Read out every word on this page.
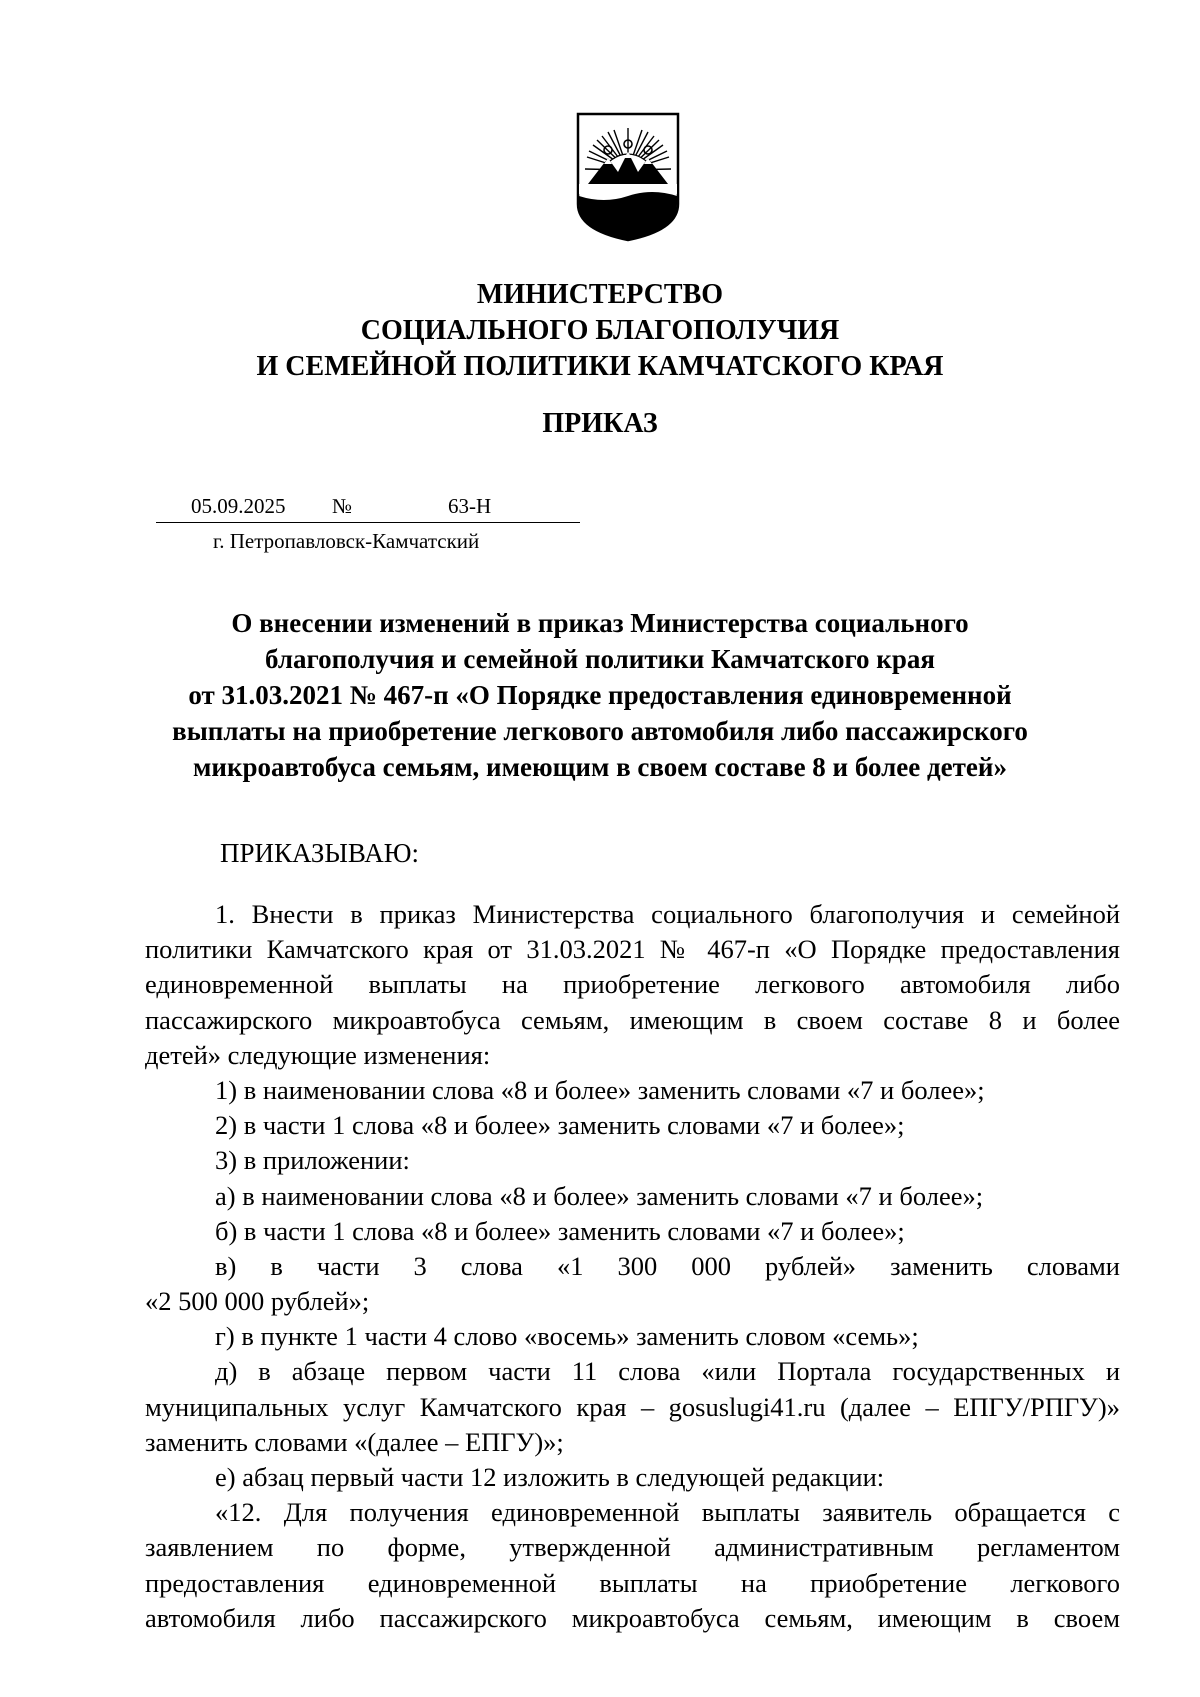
МИНИСТЕРСТВО
СОЦИАЛЬНОГО БЛАГОПОЛУЧИЯ
И СЕМЕЙНОЙ ПОЛИТИКИ КАМЧАТСКОГО КРАЯ
ПРИКАЗ
05.09.2025 №	63-Н
г. Петропавловск-Камчатский
О внесении изменений в приказ Министерства социального
благополучия и семейной политики Камчатского края
от 31.03.2021 № 467-п «О Порядке предоставления единовременной
выплаты на приобретение легкового автомобиля либо пассажирского
микроавтобуса семьям, имеющим в своем составе 8 и более детей»
ПРИКАЗЫВАЮ:
1. Внести в приказ Министерства социального благополучия и семейной
политики Камчатского края от 31.03.2021 № 467-п «О Порядке предоставления
единовременной выплаты на приобретение легкового автомобиля либо
пассажирского микроавтобуса семьям, имеющим в своем составе 8 и более
детей» следующие изменения:
1) в наименовании слова «8 и более» заменить словами «7 и более»;
2) в части 1 слова «8 и более» заменить словами «7 и более»;
3) в приложении:
а) в наименовании слова «8 и более» заменить словами «7 и более»;
б) в части 1 слова «8 и более» заменить словами «7 и более»;
в) в части 3 слова «1 300 000 рублей» заменить словами
«2 500 000 рублей»;
г) в пункте 1 части 4 слово «восемь» заменить словом «семь»;
д) в абзаце первом части 11 слова «или Портала государственных и
муниципальных услуг Камчатского края – gosuslugi41.ru (далее – ЕПГУ/РПГУ)»
заменить словами «(далее – ЕПГУ)»;
е) абзац первый части 12 изложить в следующей редакции:
«12. Для получения единовременной выплаты заявитель обращается с
заявлением по форме, утвержденной административным регламентом
предоставления единовременной выплаты на приобретение легкового
автомобиля либо пассажирского микроавтобуса семьям, имеющим в своем
